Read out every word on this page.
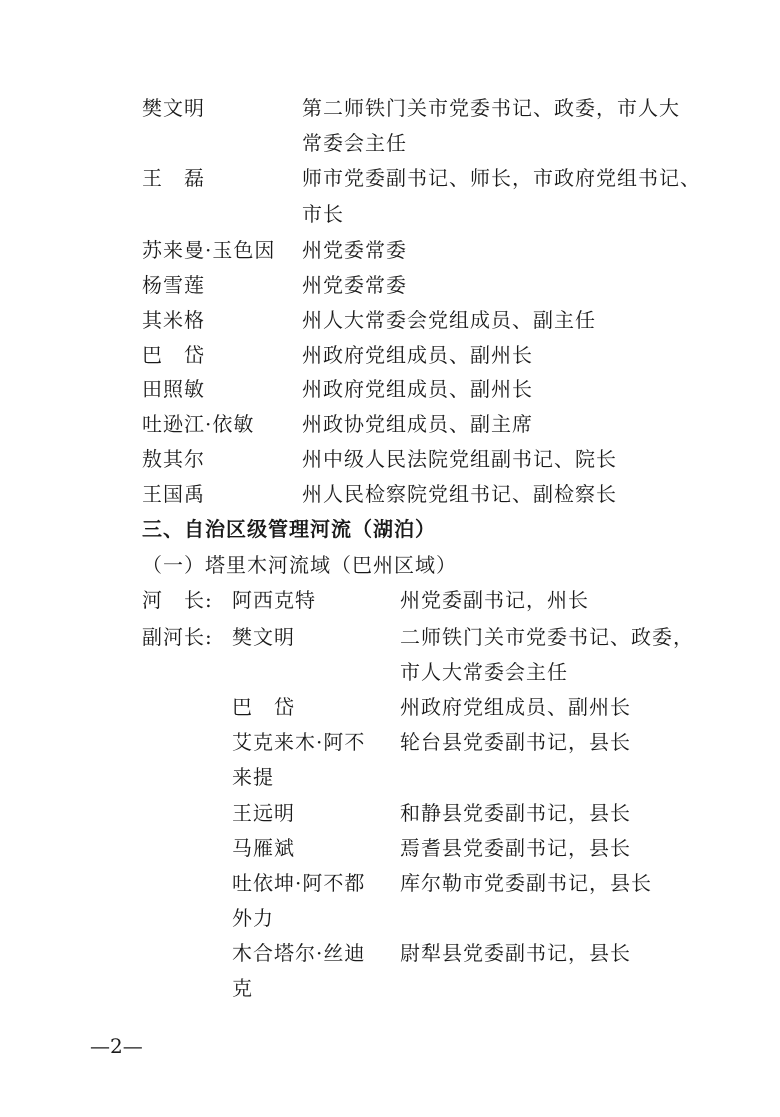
樊文明	第二师铁门关市党委书记、政委，市人大
常委会主任
王　磊	师市党委副书记、师长，市政府党组书记、
市长
苏来曼·玉色因 州党委常委
杨雪莲	州党委常委
其米格	州人大常委会党组成员、副主任
巴　岱	州政府党组成员、副州长
田照敏	州政府党组成员、副州长
吐逊江·依敏 州政协党组成员、副主席
敖其尔	州中级人民法院党组副书记、院长
王国禹	州人民检察院党组书记、副检察长
三、自治区级管理河流（湖泊）
（一）塔里木河流域（巴州区域）
河　长: 阿西克特	州党委副书记，州长
副河长: 樊文明	二师铁门关市党委书记、政委，
市人大常委会主任
巴　岱	州政府党组成员、副州长
艾克来木·阿不 轮台县党委副书记，县长
来提
王远明	和静县党委副书记，县长
马雁斌	焉耆县党委副书记，县长
吐依坤·阿不都 库尔勒市党委副书记，县长
外力
木合塔尔·丝迪 尉犁县党委副书记，县长
克
—2—
